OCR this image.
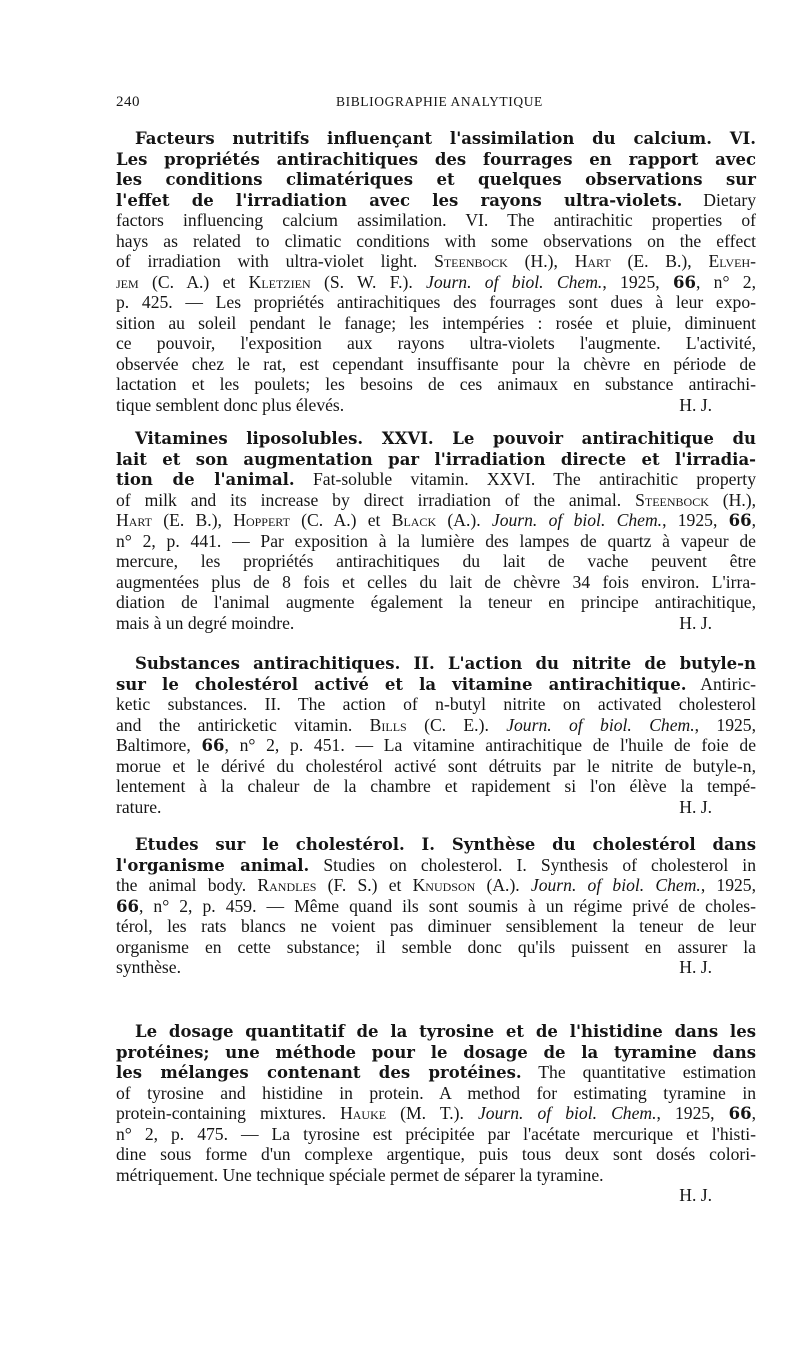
240	BIBLIOGRAPHIE ANALYTIQUE
Facteurs nutritifs influençant l'assimilation du calcium. VI.
Les propriétés antirachitiques des fourrages en rapport avec
les conditions climatériques et quelques observations sur
l'effet de l'irradiation avec les rayons ultra-violets. Dietary
factors influencing calcium assimilation. VI. The antirachitic properties of
hays as related to climatic conditions with some observations on the effect
of irradiation with ultra-violet light. Steenbock (H.), Hart (E. B.), Elveh-
jem (C. A.) et Kletzien (S. W. F.). Journ. of biol. Chem., 1925, 66, n° 2,
p. 425. — Les propriétés antirachitiques des fourrages sont dues à leur expo-
sition au soleil pendant le fanage; les intempéries : rosée et pluie, diminuent
ce pouvoir, l'exposition aux rayons ultra-violets l'augmente. L'activité,
observée chez le rat, est cependant insuffisante pour la chèvre en période de
lactation et les poulets; les besoins de ces animaux en substance antirachi-
tique semblent donc plus élevés.	H. J.
Vitamines liposolubles. XXVI. Le pouvoir antirachitique du
lait et son augmentation par l'irradiation directe et l'irradia-
tion de l'animal. Fat-soluble vitamin. XXVI. The antirachitic property
of milk and its increase by direct irradiation of the animal. Steenbock (H.),
Hart (E. B.), Hoppert (C. A.) et Black (A.). Journ. of biol. Chem., 1925, 66,
n° 2, p. 441. — Par exposition à la lumière des lampes de quartz à vapeur de
mercure, les propriétés antirachitiques du lait de vache peuvent être
augmentées plus de 8 fois et celles du lait de chèvre 34 fois environ. L'irra-
diation de l'animal augmente également la teneur en principe antirachitique,
mais à un degré moindre.	H. J.
Substances antirachitiques. II. L'action du nitrite de butyle-n
sur le cholestérol activé et la vitamine antirachitique. Antiric-
ketic substances. II. The action of n-butyl nitrite on activated cholesterol
and the antiricketic vitamin. Bills (C. E.). Journ. of biol. Chem., 1925,
Baltimore, 66, n° 2, p. 451. — La vitamine antirachitique de l'huile de foie de
morue et le dérivé du cholestérol activé sont détruits par le nitrite de butyle-n,
lentement à la chaleur de la chambre et rapidement si l'on élève la tempé-
rature.	H. J.
Etudes sur le cholestérol. I. Synthèse du cholestérol dans
l'organisme animal. Studies on cholesterol. I. Synthesis of cholesterol in
the animal body. Randles (F. S.) et Knudson (A.). Journ. of biol. Chem., 1925,
66, n° 2, p. 459. — Même quand ils sont soumis à un régime privé de choles-
térol, les rats blancs ne voient pas diminuer sensiblement la teneur de leur
organisme en cette substance; il semble donc qu'ils puissent en assurer la
synthèse.	H. J.
Le dosage quantitatif de la tyrosine et de l'histidine dans les
protéines; une méthode pour le dosage de la tyramine dans
les mélanges contenant des protéines. The quantitative estimation
of tyrosine and histidine in protein. A method for estimating tyramine in
protein-containing mixtures. Hauke (M. T.). Journ. of biol. Chem., 1925, 66,
n° 2, p. 475. — La tyrosine est précipitée par l'acétate mercurique et l'histi-
dine sous forme d'un complexe argentique, puis tous deux sont dosés colori-
métriquement. Une technique spéciale permet de séparer la tyramine.
H. J.
